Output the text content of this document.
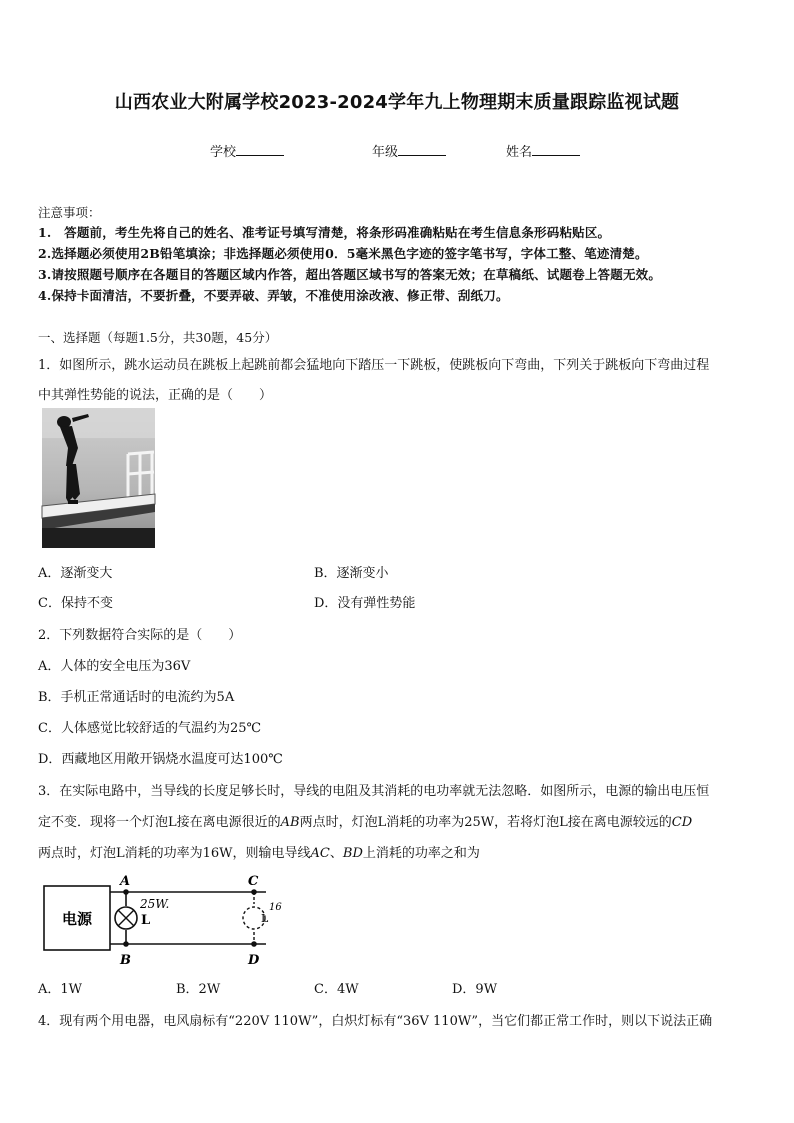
山西农业大附属学校2023-2024学年九上物理期末质量跟踪监视试题
学校	年级	姓名
注意事项：
1.　答题前，考生先将自己的姓名、准考证号填写清楚，将条形码准确粘贴在考生信息条形码粘贴区。
2.选择题必须使用2B铅笔填涂；非选择题必须使用0．5毫米黑色字迹的签字笔书写，字体工整、笔迹清楚。
3.请按照题号顺序在各题目的答题区域内作答，超出答题区域书写的答案无效；在草稿纸、试题卷上答题无效。
4.保持卡面清洁，不要折叠，不要弄破、弄皱，不准使用涂改液、修正带、刮纸刀。
一、选择题（每题1.5分，共30题，45分）
1．如图所示，跳水运动员在跳板上起跳前都会猛地向下踏压一下跳板，使跳板向下弯曲，下列关于跳板向下弯曲过程
中其弹性势能的说法，正确的是（　　）
A．逐渐变大	B．逐渐变小
C．保持不变	D．没有弹性势能
2．下列数据符合实际的是（　　）
A．人体的安全电压为36V
B．手机正常通话时的电流约为5A
C．人体感觉比较舒适的气温约为25℃
D．西藏地区用敞开锅烧水温度可达100℃
3．在实际电路中，当导线的长度足够长时，导线的电阻及其消耗的电功率就无法忽略．如图所示，电源的输出电压恒
定不变．现将一个灯泡L接在离电源很近的AB两点时，灯泡L消耗的功率为25W，若将灯泡L接在离电源较远的CD
两点时，灯泡L消耗的功率为16W，则输电导线AC、BD上消耗的功率之和为
电源
A
B
C
D
L	L
25W.	16
A．1W	B．2W	C．4W	D．9W
4．现有两个用电器，电风扇标有“220V 110W”，白炽灯标有“36V 110W”，当它们都正常工作时，则以下说法正确
